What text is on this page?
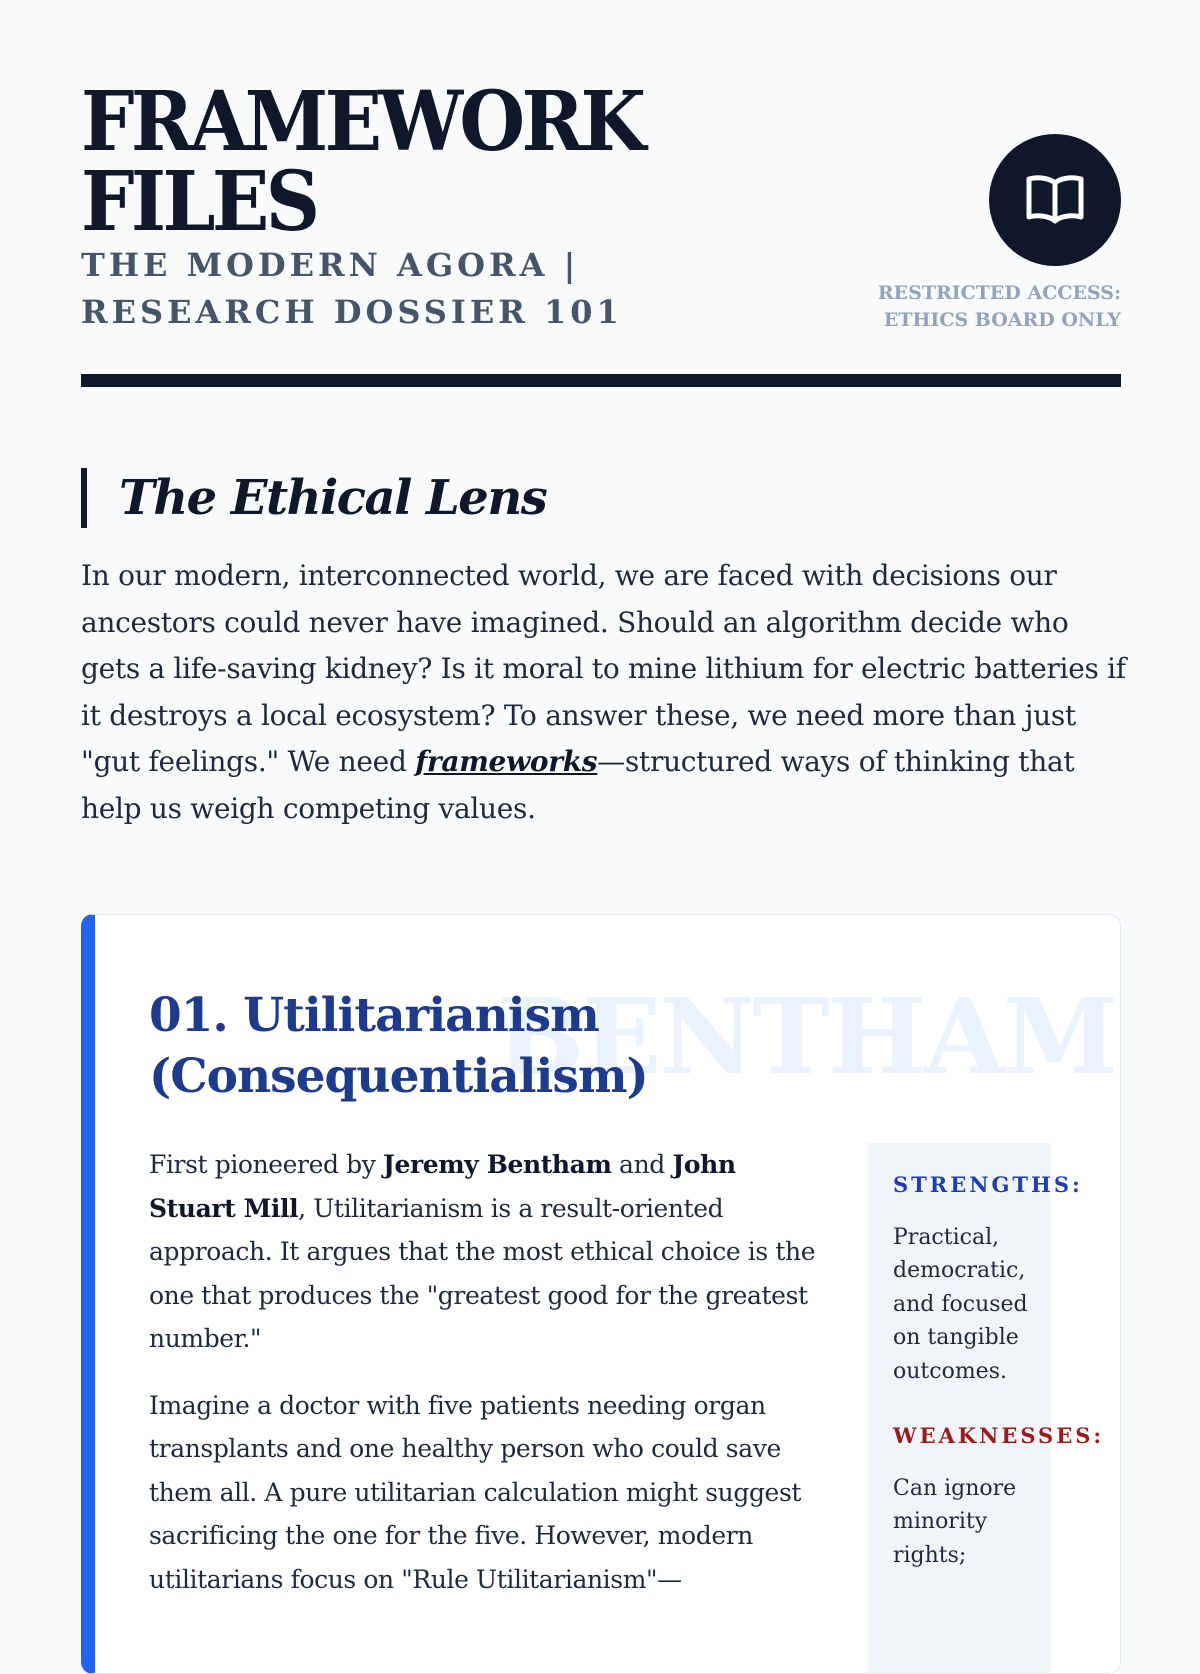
FRAMEWORK
FILES
THE MODERN AGORA | RESEARCH DOSSIER 101	RESTRICTED ACCESS: ETHICS BOARD ONLY
The Ethical Lens
In our modern, interconnected world, we are faced with decisions our ancestors could never have imagined. Should an algorithm decide who gets a life-saving kidney? Is it moral to mine lithium for electric batteries if it destroys a local ecosystem? To answer these, we need more than just "gut feelings." We need frameworks—structured ways of thinking that help us weigh competing values.
BENTHAM
01. Utilitarianism (Consequentialism)

First pioneered by Jeremy Bentham and John Stuart Mill, Utilitarianism is a result-oriented approach. It argues that the most ethical choice is the one that produces the "greatest good for the greatest number."

Imagine a doctor with five patients needing organ transplants and one healthy person who could save them all. A pure utilitarian calculation might suggest sacrificing the one for the five. However, modern utilitarians focus on "Rule Utilitarianism"—

STRENGTHS:
Practical, democratic, and focused on tangible outcomes.
WEAKNESSES:
Can ignore minority rights;
